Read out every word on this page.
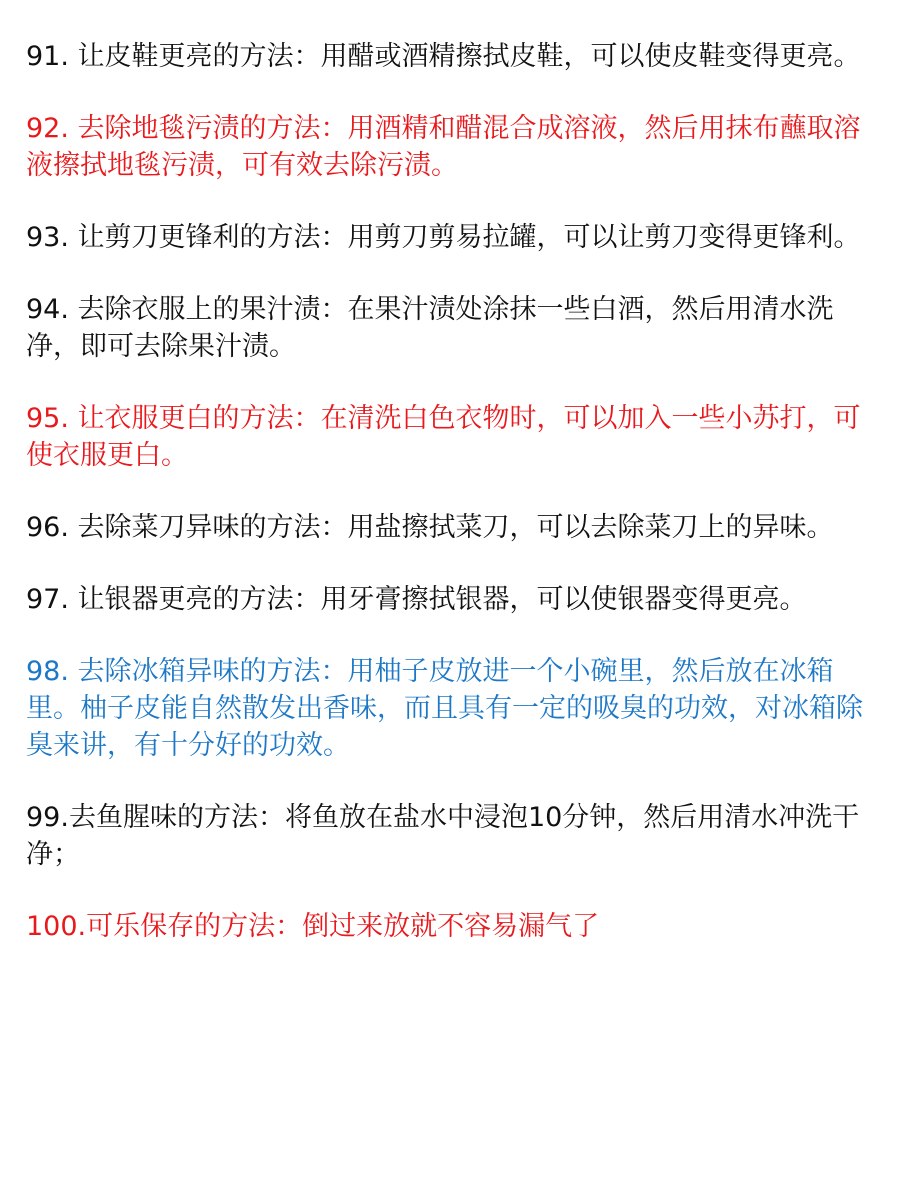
91. 让皮鞋更亮的方法：用醋或酒精擦拭皮鞋，可以使皮鞋变得更亮。

92. 去除地毯污渍的方法：用酒精和醋混合成溶液，然后用抹布蘸取溶液擦拭地毯污渍，可有效去除污渍。

93. 让剪刀更锋利的方法：用剪刀剪易拉罐，可以让剪刀变得更锋利。

94. 去除衣服上的果汁渍：在果汁渍处涂抹一些白酒，然后用清水洗净，即可去除果汁渍。

95. 让衣服更白的方法：在清洗白色衣物时，可以加入一些小苏打，可使衣服更白。

96. 去除菜刀异味的方法：用盐擦拭菜刀，可以去除菜刀上的异味。

97. 让银器更亮的方法：用牙膏擦拭银器，可以使银器变得更亮。

98. 去除冰箱异味的方法：用柚子皮放进一个小碗里，然后放在冰箱里。柚子皮能自然散发出香味，而且具有一定的吸臭的功效，对冰箱除臭来讲，有十分好的功效。

99.去鱼腥味的方法：将鱼放在盐水中浸泡10分钟，然后用清水冲洗干净；

100.可乐保存的方法：倒过来放就不容易漏气了
